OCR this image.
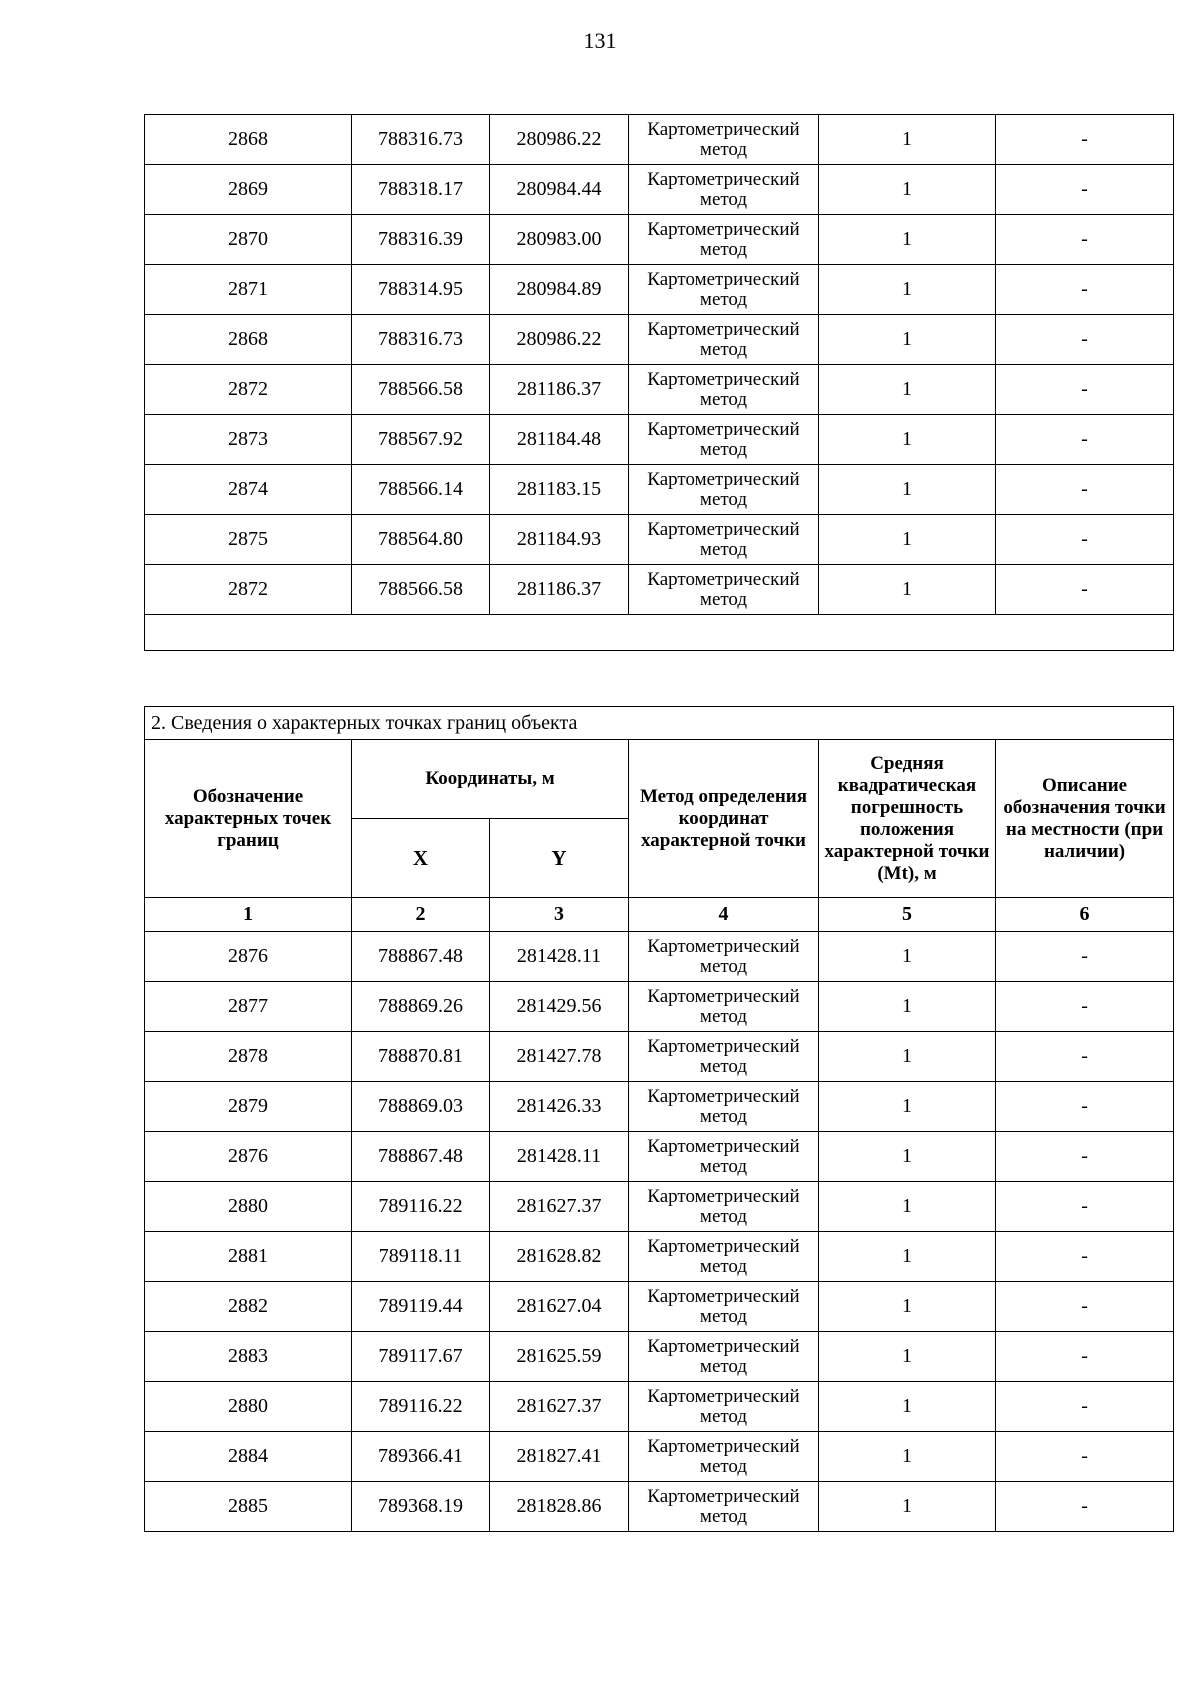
131
2868	788316.73	280986.22	Картометрический метод	1	-
2869	788318.17	280984.44	Картометрический метод	1	-
2870	788316.39	280983.00	Картометрический метод	1	-
2871	788314.95	280984.89	Картометрический метод	1	-
2868	788316.73	280986.22	Картометрический метод	1	-
2872	788566.58	281186.37	Картометрический метод	1	-
2873	788567.92	281184.48	Картометрический метод	1	-
2874	788566.14	281183.15	Картометрический метод	1	-
2875	788564.80	281184.93	Картометрический метод	1	-
2872	788566.58	281186.37	Картометрический метод	1	-

2. Сведения о характерных точках границ объекта					
Обозначение характерных точек границ	Координаты, м		Метод определения координат характерной точки	Средняя квадратическая погрешность положения характерной точки (Mt), м	Описание обозначения точки на местности (при наличии)
	X	Y			
1	2	3	4	5	6
2876	788867.48	281428.11	Картометрический метод	1	-
2877	788869.26	281429.56	Картометрический метод	1	-
2878	788870.81	281427.78	Картометрический метод	1	-
2879	788869.03	281426.33	Картометрический метод	1	-
2876	788867.48	281428.11	Картометрический метод	1	-
2880	789116.22	281627.37	Картометрический метод	1	-
2881	789118.11	281628.82	Картометрический метод	1	-
2882	789119.44	281627.04	Картометрический метод	1	-
2883	789117.67	281625.59	Картометрический метод	1	-
2880	789116.22	281627.37	Картометрический метод	1	-
2884	789366.41	281827.41	Картометрический метод	1	-
2885	789368.19	281828.86	Картометрический метод	1	-
